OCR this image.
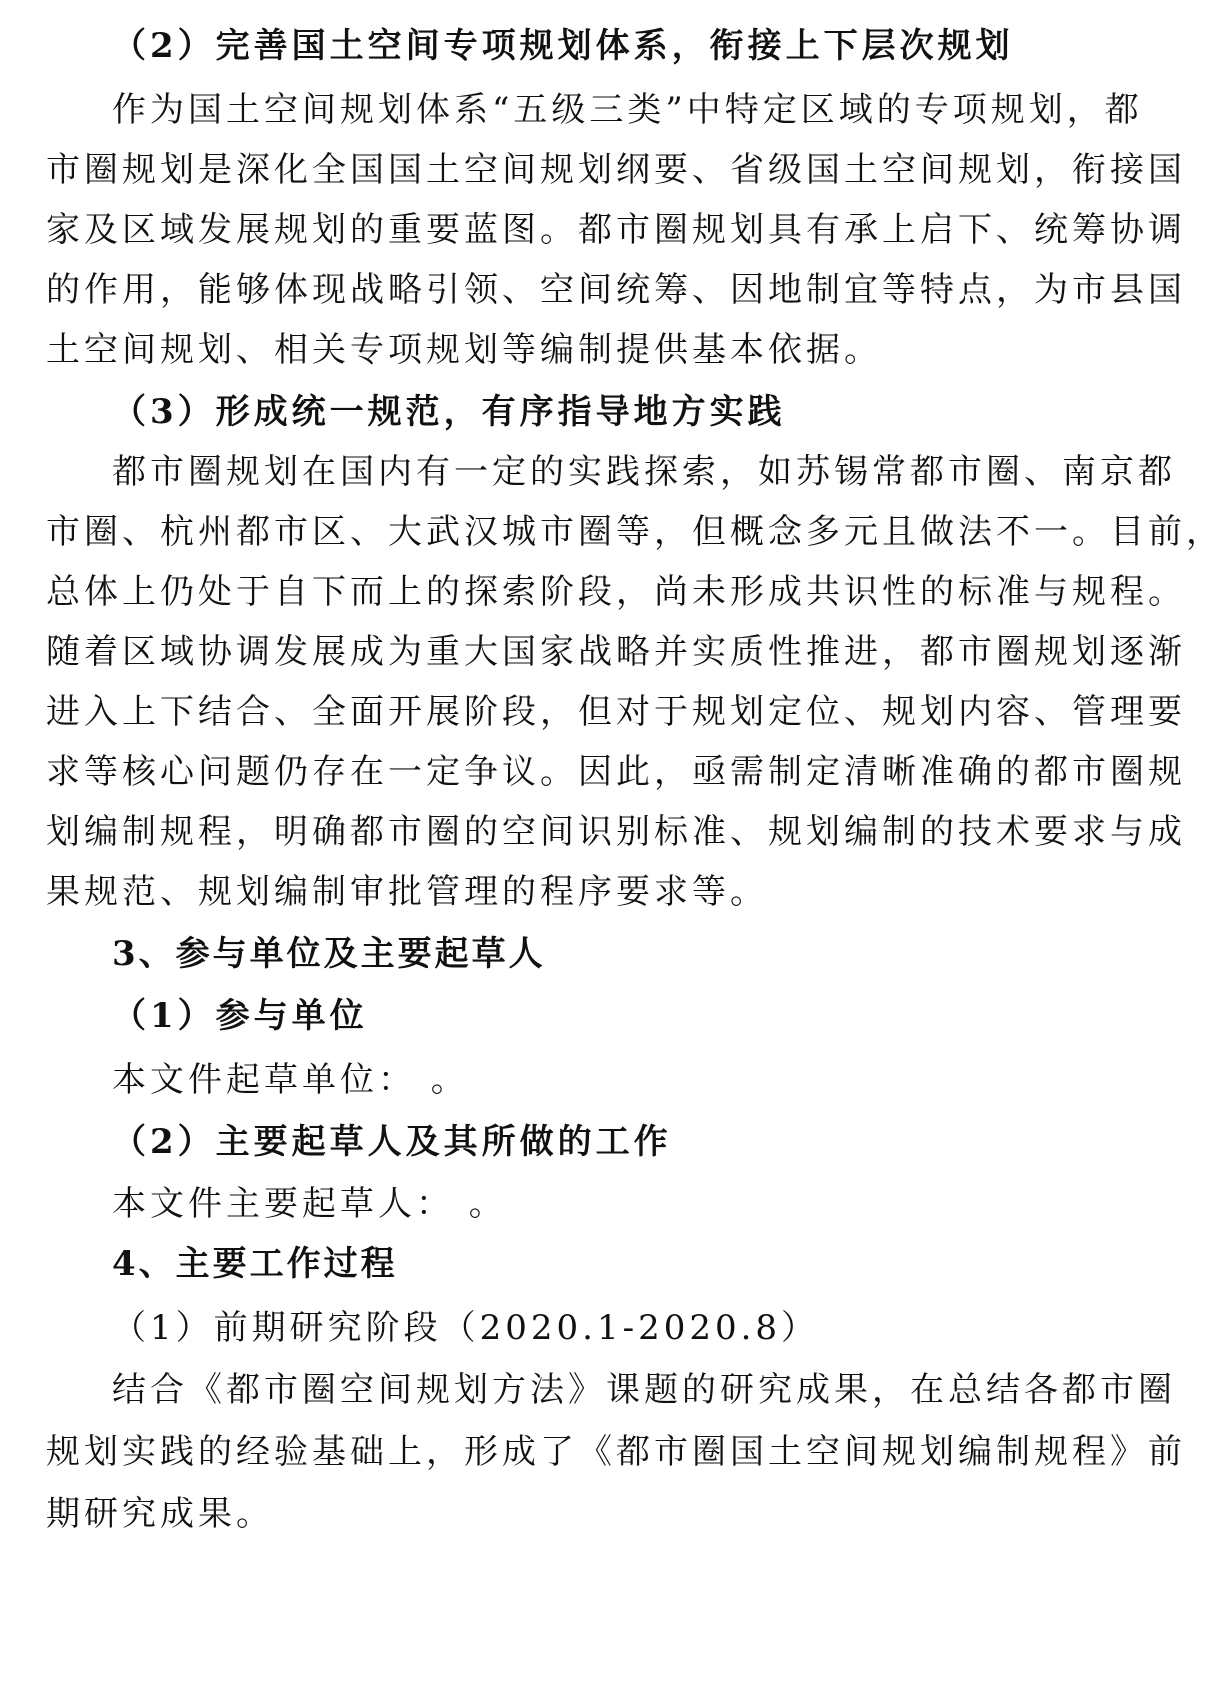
（2）完善国土空间专项规划体系，衔接上下层次规划
作为国土空间规划体系“五级三类”中特定区域的专项规划，都
市圈规划是深化全国国土空间规划纲要、省级国土空间规划，衔接国
家及区域发展规划的重要蓝图。都市圈规划具有承上启下、统筹协调
的作用，能够体现战略引领、空间统筹、因地制宜等特点，为市县国
土空间规划、相关专项规划等编制提供基本依据。
（3）形成统一规范，有序指导地方实践
都市圈规划在国内有一定的实践探索，如苏锡常都市圈、南京都
市圈、杭州都市区、大武汉城市圈等，但概念多元且做法不一。目前，
总体上仍处于自下而上的探索阶段，尚未形成共识性的标准与规程。
随着区域协调发展成为重大国家战略并实质性推进，都市圈规划逐渐
进入上下结合、全面开展阶段，但对于规划定位、规划内容、管理要
求等核心问题仍存在一定争议。因此，亟需制定清晰准确的都市圈规
划编制规程，明确都市圈的空间识别标准、规划编制的技术要求与成
果规范、规划编制审批管理的程序要求等。
3、参与单位及主要起草人
（1）参与单位
本文件起草单位： 。
（2）主要起草人及其所做的工作
本文件主要起草人： 。
4、主要工作过程
（1）前期研究阶段（2020.1-2020.8）
结合《都市圈空间规划方法》课题的研究成果，在总结各都市圈
规划实践的经验基础上，形成了《都市圈国土空间规划编制规程》前
期研究成果。
